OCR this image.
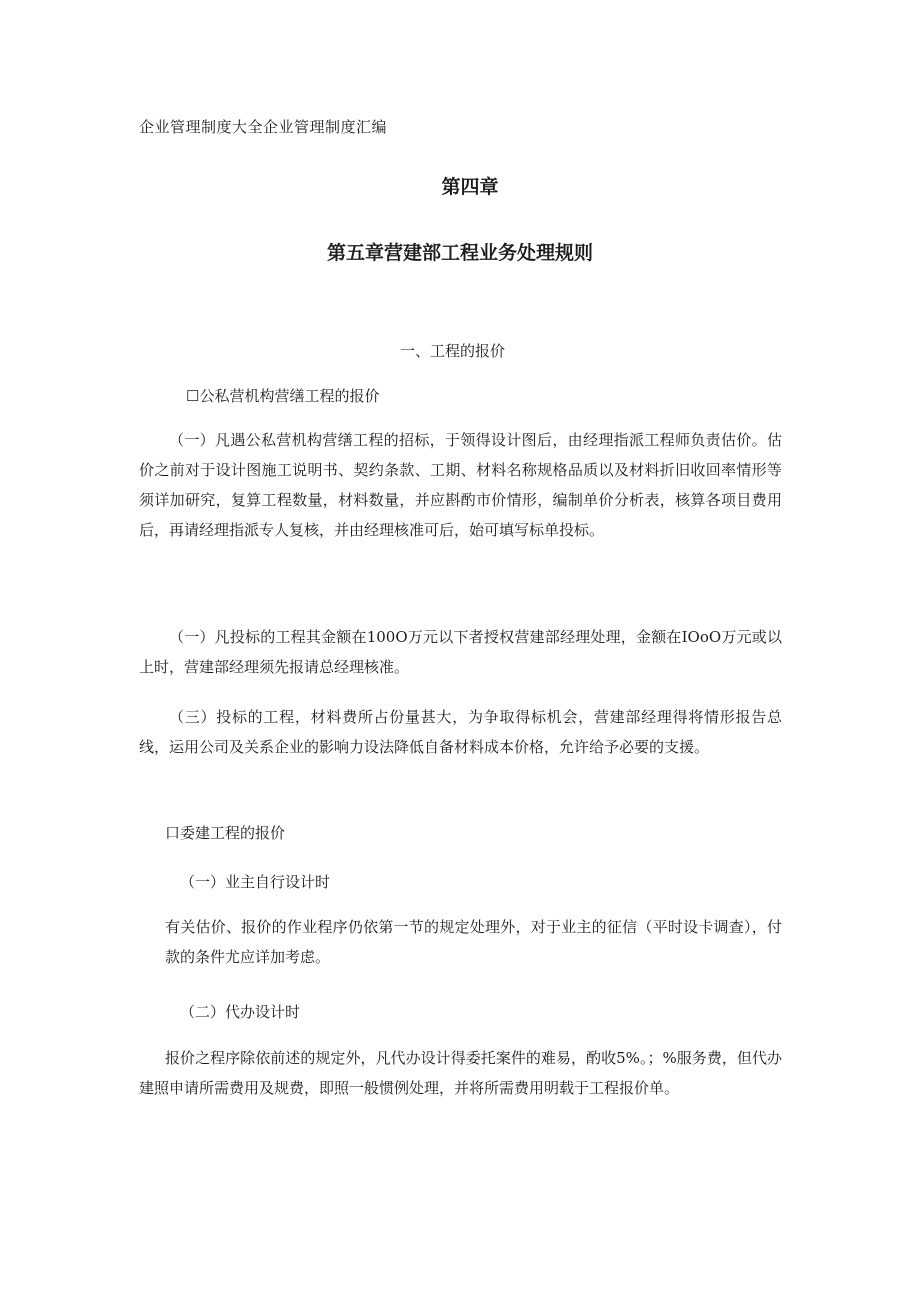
企业管理制度大全企业管理制度汇编
第四章
第五章营建部工程业务处理规则
一、工程的报价
☐公私营机构营缮工程的报价
（一）凡遇公私营机构营缮工程的招标，于领得设计图后，由经理指派工程师负责估价。估价之前对于设计图施工说明书、契约条款、工期、材料名称规格品质以及材料折旧收回率情形等须详加研究，复算工程数量，材料数量，并应斟酌市价情形，编制单价分析表，核算各项目费用后，再请经理指派专人复核，并由经理核准可后，始可填写标单投标。
（一）凡投标的工程其金额在100O万元以下者授权营建部经理处理，金额在IOoO万元或以上时，营建部经理须先报请总经理核准。
（三）投标的工程，材料费所占份量甚大，为争取得标机会，营建部经理得将情形报告总线，运用公司及关系企业的影响力设法降低自备材料成本价格，允许给予必要的支援。
口委建工程的报价
（一）业主自行设计时
有关估价、报价的作业程序仍依第一节的规定处理外，对于业主的征信（平时设卡调查），付款的条件尤应详加考虑。
（二）代办设计时
报价之程序除依前述的规定外，凡代办设计得委托案件的难易，酌收5%。；%服务费，但代办建照申请所需费用及规费，即照一般惯例处理，并将所需费用明载于工程报价单。
